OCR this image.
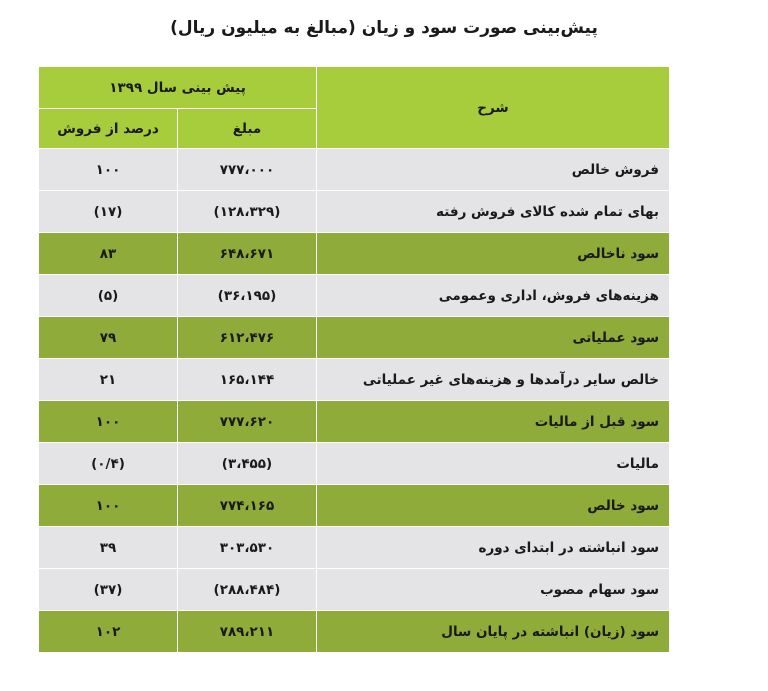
پیش‌بینی صورت سود و زیان (مبالغ به میلیون ریال)
شرح	پیش بینی سال ۱۳۹۹	
	مبلغ	درصد از فروش
فروش خالص	۷۷۷،۰۰۰	۱۰۰
بهای تمام شده کالای فروش رفته	(۱۲۸،۳۲۹)	(۱۷)
سود ناخالص	۶۴۸،۶۷۱	۸۳
هزینه‌های فروش، اداری وعمومی	(۳۶،۱۹۵)	(۵)
سود عملیاتی	۶۱۲،۴۷۶	۷۹
خالص سایر درآمدها و هزینه‌های غیر عملیاتی	۱۶۵،۱۴۴	۲۱
سود قبل از مالیات	۷۷۷،۶۲۰	۱۰۰
مالیات	(۳،۴۵۵)	(۰/۴)
سود خالص	۷۷۴،۱۶۵	۱۰۰
سود انباشته در ابتدای دوره	۳۰۳،۵۳۰	۳۹
سود سهام مصوب	(۲۸۸،۴۸۴)	(۳۷)
سود (زیان) انباشته در پایان سال	۷۸۹،۲۱۱	۱۰۲
